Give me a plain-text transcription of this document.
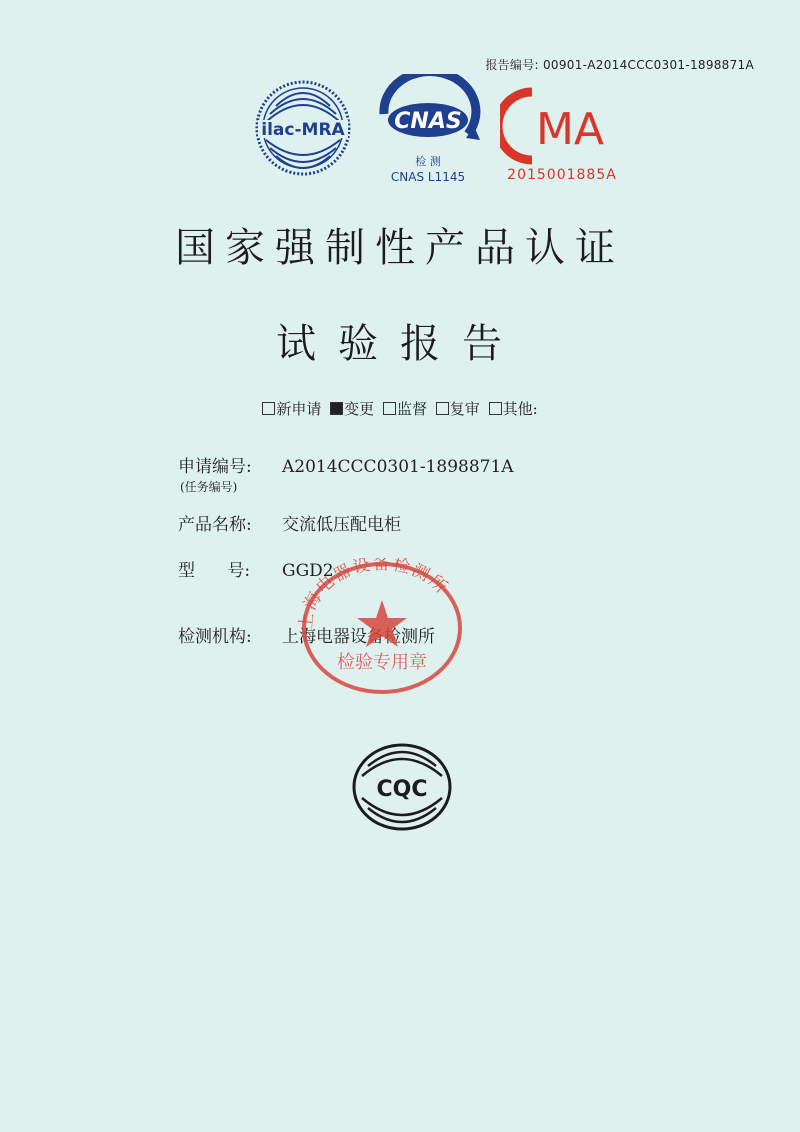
报告编号: 00901-A2014CCC0301-1898871A
ilac-MRA CNAS
检 测
CNAS L1145
MA
2015001885A
国家强制性产品认证
试验报告
新申请 变更 监督 复审 其他:
申请编号: A2014CCC0301-1898871A
(任务编号)
产品名称: 交流低压配电柜
型      号: GGD2
检测机构: 上海电器设备检测所
上海电器设备检测所
检验专用章
CQC
